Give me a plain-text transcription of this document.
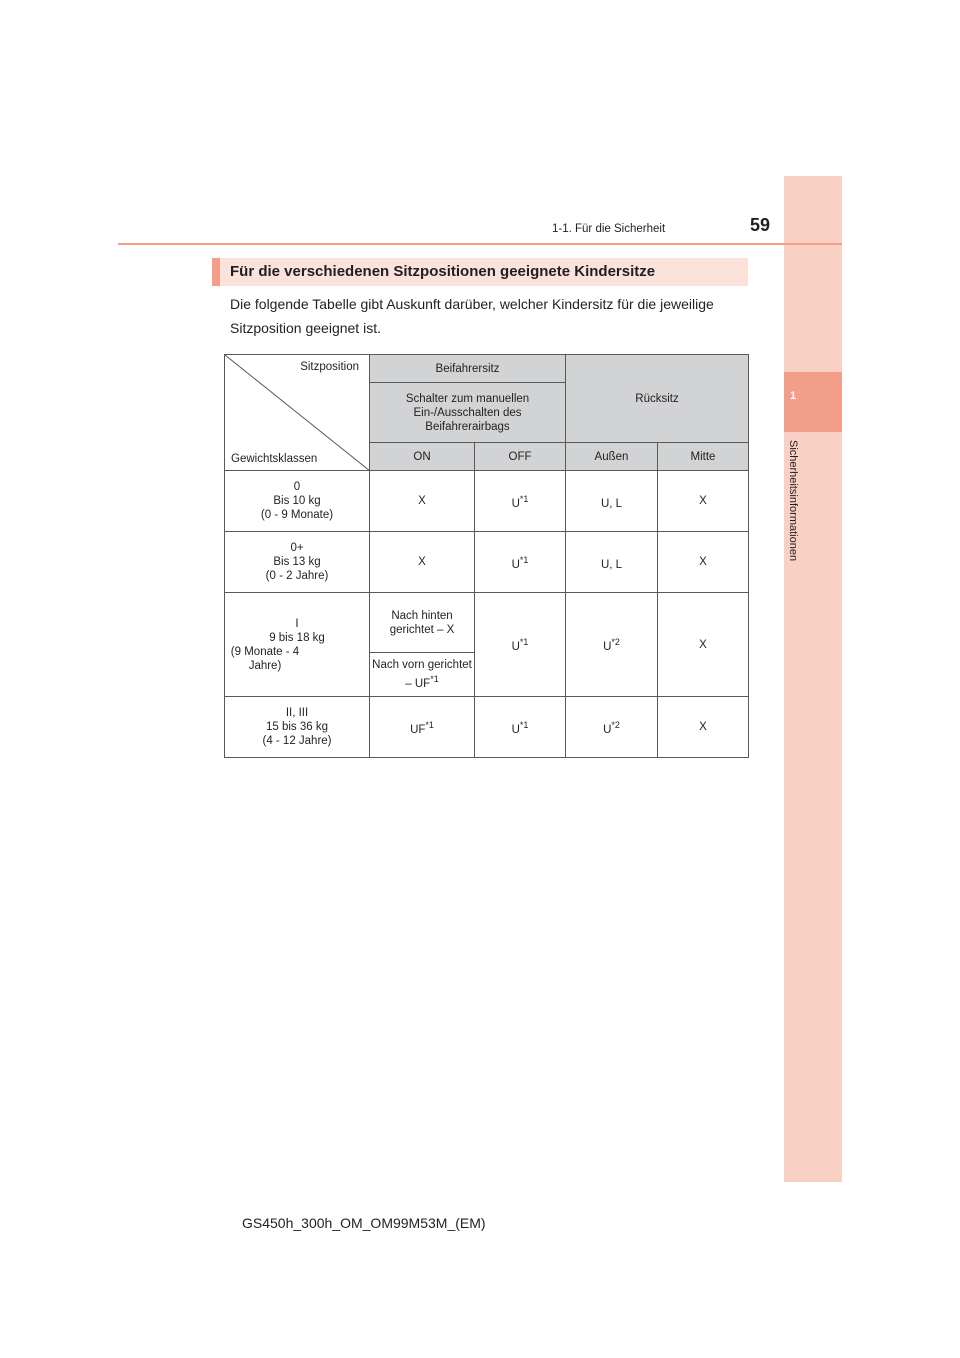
1
Sicherheitsinformationen
1-1. Für die Sicherheit	59
Für die verschiedenen Sitzpositionen geeignete Kindersitze
Die folgende Tabelle gibt Auskunft darüber, welcher Kindersitz für die jeweilige Sitzposition geeignet ist.
Sitzposition
Gewichtsklassen	Beifahrersitz		Rücksitz	

	Schalter zum manuellen Ein-/Ausschalten des Beifahrerairbags			

	ON	OFF	Außen	Mitte

0
Bis 10 kg
(0 - 9 Monate)	X	$U^{*1}$	U, L	X

0+
Bis 13 kg
(0 - 2 Jahre)	X	$U^{*1}$	U, L	X

I
9 bis 18 kg
(9 Monate - 4 Jahre)	Nach hinten gerichtet – X	$U^{*1}$	$U^{*2}$	X

	Nach vorn gerichtet – UF$^{*1}$

II, III
15 bis 36 kg
(4 - 12 Jahre)	UF$^{*1}$	$U^{*1}$	$U^{*2}$	X
GS450h_300h_OM_OM99M53M_(EM)
